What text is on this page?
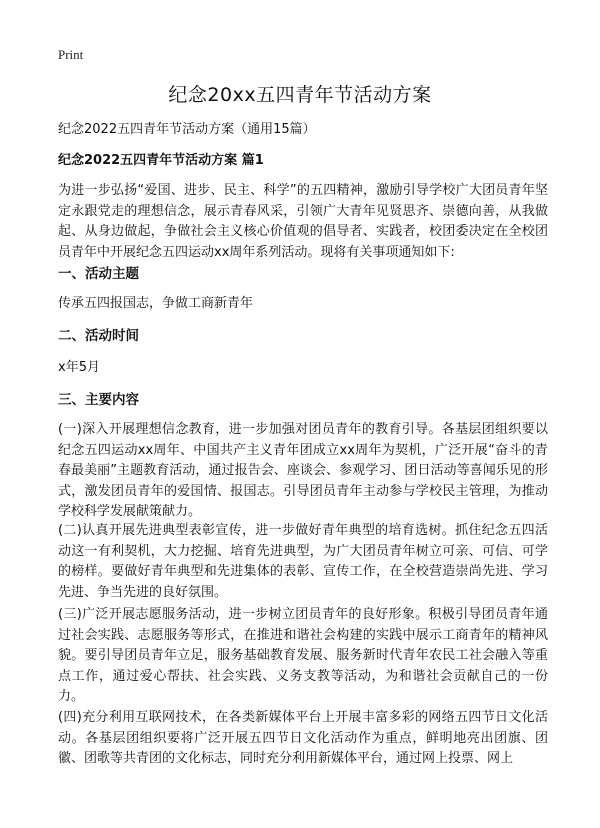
Print
纪念20xx五四青年节活动方案

纪念2022五四青年节活动方案（通用15篇）

纪念2022五四青年节活动方案 篇1

为进一步弘扬“爱国、进步、民主、科学”的五四精神，激励引导学校广大团员青年坚定永跟党走的理想信念，展示青春风采，引领广大青年见贤思齐、崇德向善，从我做起、从身边做起，争做社会主义核心价值观的倡导者、实践者，校团委决定在全校团员青年中开展纪念五四运动xx周年系列活动。现将有关事项通知如下:

一、活动主题

传承五四报国志，争做工商新青年

二、活动时间

x年5月

三、主要内容

(一)深入开展理想信念教育，进一步加强对团员青年的教育引导。各基层团组织要以纪念五四运动xx周年、中国共产主义青年团成立xx周年为契机，广泛开展“奋斗的青春最美丽”主题教育活动，通过报告会、座谈会、参观学习、团日活动等喜闻乐见的形式，激发团员青年的爱国情、报国志。引导团员青年主动参与学校民主管理，为推动学校科学发展献策献力。

(二)认真开展先进典型表彰宣传，进一步做好青年典型的培育选树。抓住纪念五四活动这一有利契机，大力挖掘、培育先进典型，为广大团员青年树立可亲、可信、可学的榜样。要做好青年典型和先进集体的表彰、宣传工作，在全校营造崇尚先进、学习先进、争当先进的良好氛围。

(三)广泛开展志愿服务活动，进一步树立团员青年的良好形象。积极引导团员青年通过社会实践、志愿服务等形式，在推进和谐社会构建的实践中展示工商青年的精神风貌。要引导团员青年立足，服务基础教育发展、服务新时代青年农民工社会融入等重点工作，通过爱心帮扶、社会实践、义务支教等活动，为和谐社会贡献自己的一份力。

(四)充分利用互联网技术，在各类新媒体平台上开展丰富多彩的网络五四节日文化活动。各基层团组织要将广泛开展五四节日文化活动作为重点，鲜明地亮出团旗、团徽、团歌等共青团的文化标志，同时充分利用新媒体平台，通过网上投票、网上
